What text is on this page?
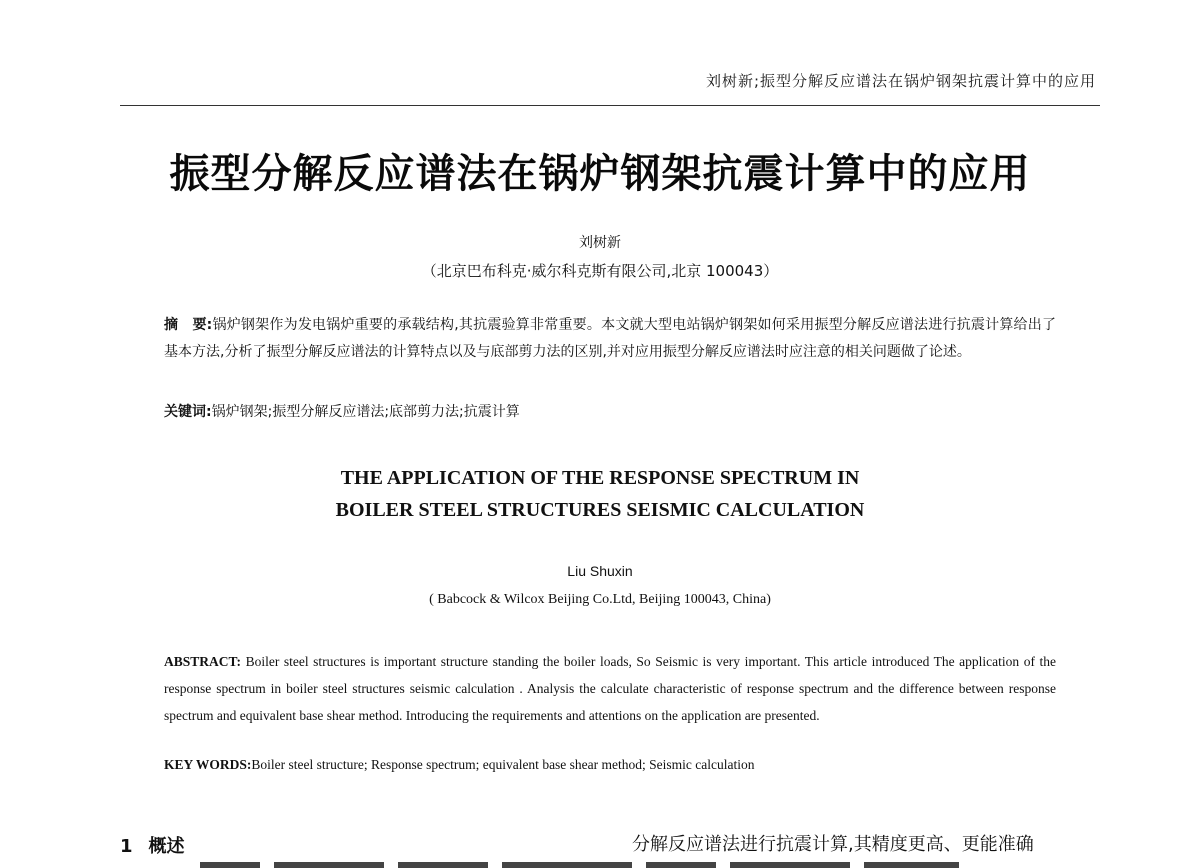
刘树新;振型分解反应谱法在锅炉钢架抗震计算中的应用
振型分解反应谱法在锅炉钢架抗震计算中的应用
刘树新
（北京巴布科克·威尔科克斯有限公司,北京 100043）
摘　要:锅炉钢架作为发电锅炉重要的承载结构,其抗震验算非常重要。本文就大型电站锅炉钢架如何采用振型分解反应谱法进行抗震计算给出了基本方法,分析了振型分解反应谱法的计算特点以及与底部剪力法的区别,并对应用振型分解反应谱法时应注意的相关问题做了论述。
关键词:锅炉钢架;振型分解反应谱法;底部剪力法;抗震计算
THE APPLICATION OF THE RESPONSE SPECTRUM IN
BOILER STEEL STRUCTURES SEISMIC CALCULATION
Liu Shuxin
( Babcock & Wilcox Beijing Co.Ltd, Beijing 100043, China)
ABSTRACT: Boiler steel structures is important structure standing the boiler loads, So Seismic is very important. This article introduced The application of the response spectrum in boiler steel structures seismic calculation . Analysis the calculate characteristic of response spectrum and the difference between response spectrum and equivalent base shear method. Introducing the requirements and attentions on the application are presented.
KEY WORDS:Boiler steel structure; Response spectrum; equivalent base shear method; Seismic calculation
1 概述	分解反应谱法进行抗震计算,其精度更高、更能准确
